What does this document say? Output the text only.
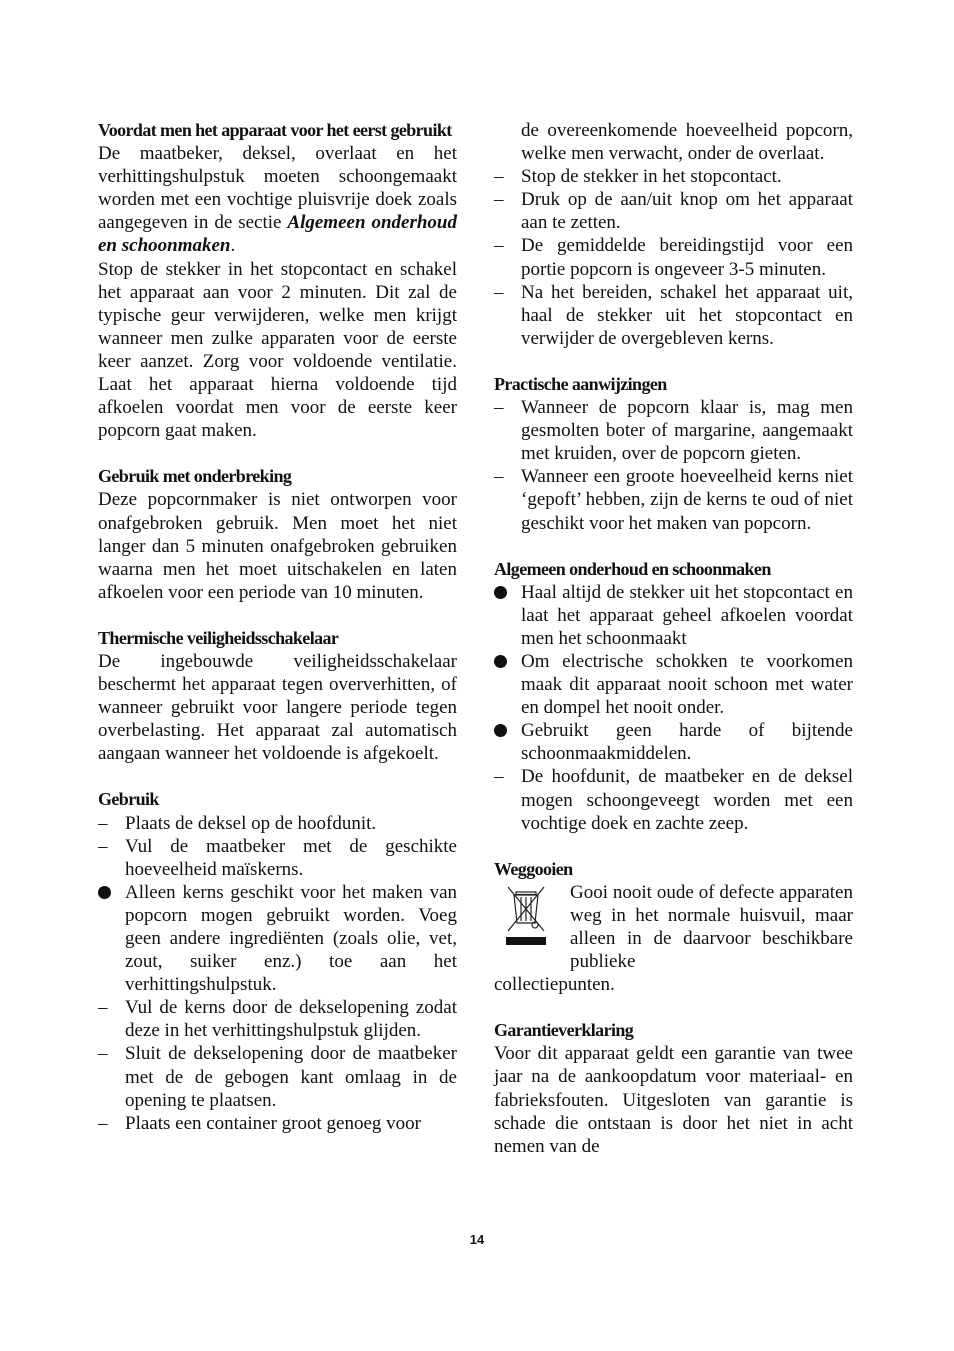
Voordat men het apparaat voor het eerst gebruikt

De maatbeker, deksel, overlaat en het verhittingshulpstuk moeten schoongemaakt worden met een vochtige pluisvrije doek zoals aangegeven in de sectie Algemeen onderhoud en schoonmaken.

Stop de stekker in het stopcontact en schakel het apparaat aan voor 2 minuten. Dit zal de typische geur verwijderen, welke men krijgt wanneer men zulke apparaten voor de eerste keer aanzet. Zorg voor voldoende ventilatie. Laat het apparaat hierna voldoende tijd afkoelen voordat men voor de eerste keer popcorn gaat maken.

Gebruik met onderbreking

Deze popcornmaker is niet ontworpen voor onafgebroken gebruik. Men moet het niet langer dan 5 minuten onafgebroken gebruiken waarna men het moet uitschakelen en laten afkoelen voor een periode van 10 minuten.

Thermische veiligheidsschakelaar

De ingebouwde veiligheidsschakelaar beschermt het apparaat tegen oververhitten, of wanneer gebruikt voor langere periode tegen overbelasting. Het apparaat zal automatisch aangaan wanneer het voldoende is afgekoelt.

Gebruik
– Plaats de deksel op de hoofdunit.
– Vul de maatbeker met de geschikte hoeveelheid maïskerns.
Alleen kerns geschikt voor het maken van popcorn mogen gebruikt worden. Voeg geen andere ingrediënten (zoals olie, vet, zout, suiker enz.) toe aan het verhittingshulpstuk.
– Vul de kerns door de dekselopening zodat deze in het verhittingshulpstuk glijden.
– Sluit de dekselopening door de maatbeker met de de gebogen kant omlaag in de opening te plaatsen.
– Plaats een container groot genoeg voor

de overeenkomende hoeveelheid popcorn, welke men verwacht, onder de overlaat.

– Stop de stekker in het stopcontact.
– Druk op de aan/uit knop om het apparaat aan te zetten.
– De gemiddelde bereidingstijd voor een portie popcorn is ongeveer 3-5 minuten.
– Na het bereiden, schakel het apparaat uit, haal de stekker uit het stopcontact en verwijder de overgebleven kerns.
Practische aanwijzingen
– Wanneer de popcorn klaar is, mag men gesmolten boter of margarine, aangemaakt met kruiden, over de popcorn gieten.
– Wanneer een groote hoeveelheid kerns niet ‘gepoft’ hebben, zijn de kerns te oud of niet geschikt voor het maken van popcorn.
Algemeen onderhoud en schoonmaken
Haal altijd de stekker uit het stopcontact en laat het apparaat geheel afkoelen voordat men het schoonmaakt
Om electrische schokken te voorkomen maak dit apparaat nooit schoon met water en dompel het nooit onder.
Gebruikt geen harde of bijtende schoonmaakmiddelen.
– De hoofdunit, de maatbeker en de deksel mogen schoongeveegt worden met een vochtige doek en zachte zeep.
Weggooien
Gooi nooit oude of defecte apparaten weg in het normale huisvuil, maar alleen in de daarvoor beschikbare publieke

collectiepunten.

Garantieverklaring

Voor dit apparaat geldt een garantie van twee jaar na de aankoopdatum voor materiaal- en fabrieksfouten. Uitgesloten van garantie is schade die ontstaan is door het niet in acht nemen van de

14
